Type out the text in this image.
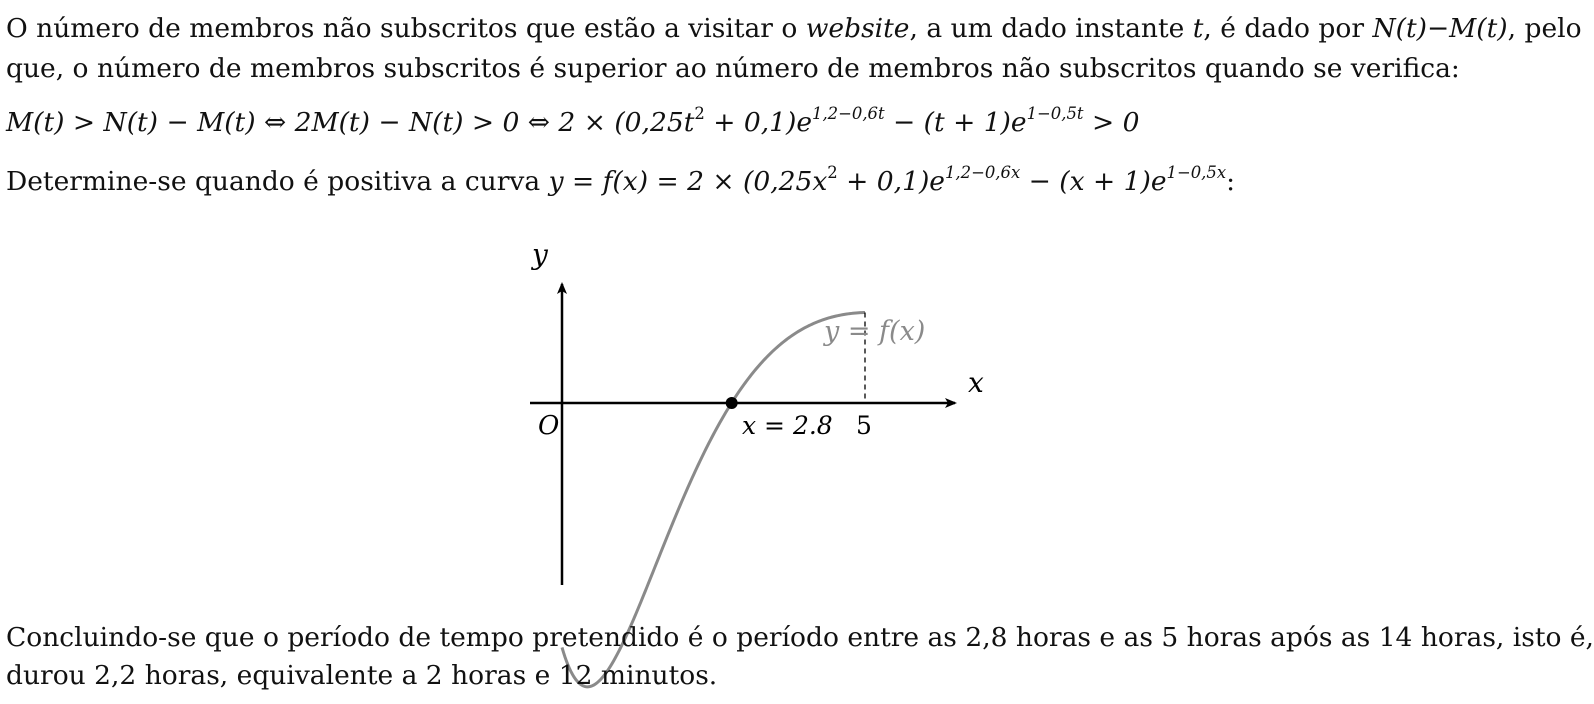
O número de membros não subscritos que estão a visitar o website, a um dado instante t, é dado por N(t)−M(t), pelo
que, o número de membros subscritos é superior ao número de membros não subscritos quando se verifica:
M(t) > N(t) − M(t) ⇔ 2M(t) − N(t) > 0 ⇔ $2 \times (0,25t^2 + 0,1)e^{1,2-0,6t} - (t + 1)e^{1-0,5t} > 0$
Determine-se quando é positiva a curva $y = f(x) = 2 \times (0,25x^2 + 0,1)e^{1,2-0,6x} - (x + 1)e^{1-0,5x}$:
y
x
O	x = 2.8 5
y = f(x)
Concluindo-se que o período de tempo pretendido é o período entre as 2,8 horas e as 5 horas após as 14 horas, isto é,
durou 2,2 horas, equivalente a 2 horas e 12 minutos.
